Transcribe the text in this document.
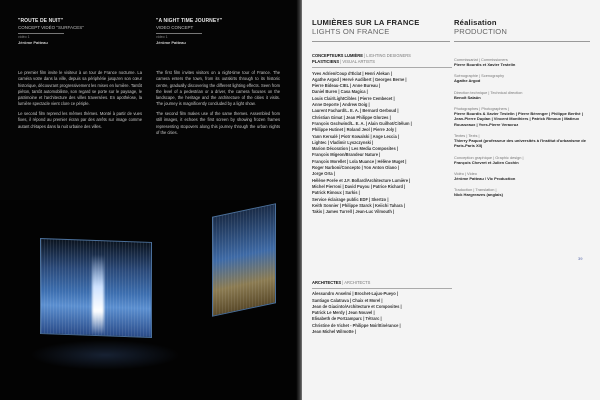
"ROUTE DE NUIT"
CONCEPT VIDÉO "SURFACES"
vidéo 1
Jérôme Patteau
"A NIGHT TIME JOURNEY"
VIDEO CONCEPT
video 1
Jérôme Patteau

Le premier film invite le visiteur à un tour de France nocturne. La caméra votre dans la ville, depuis sa périphérie jusqu'en son cœur historique, découvrant progressivement les mises en lumière. Tantôt piéton, tantôt automobiliste, son regard se porte sur le paysage, le patrimoine et l'architecture des villes traversées. En apothéose, la lumière spectacle vient clore ce périple.

Le second film reprend les mêmes thèmes. Monté à partir de vues fixes, il répond au premier écran par des arrêts sur image comme autant d'étapes dans la nuit urbaine des villes.

The first film invites visitors on a night-time tour of France. The camera enters the town, from its outskirts through to its historic centre, gradually discovering the different lighting effects. Seen from the level of a pedestrian or a driver, the camera focuses on the landscape, the heritage and the architecture of the cities it visits. The journey is magnificently concluded by a light show.

The second film makes use of the same themes. Assembled from still images, it echoes the first screen by showing frozen frames representing stopovers along this journey through the urban nights of the cities.

LUMIÈRES SUR LA FRANCE
LIGHTS ON FRANCE
Réalisation
PRODUCTION
CONCEPTEURS LUMIÈRE | LIGHTING DESIGNERS
PLASTICIENS | VISUAL ARTISTS
Yves Adrien/Coup d'Éclat | Henri Alekan |
Agathe Argod | Hervé Audibert | Georges Berne |
Pierre Bideau-CIEL | Anne Bureau |
Daniel Buren | Casa Magica |
Louis Clair/LightCibles | Pierre Cembecet |
Anne Deporte | Andrew Doig |
Laurent Fachard/L. E. A. | Bernard Gerboud |
Christian Gimat | Jean Philippe Glorzes |
François Gschwind/L. E. A. | Alain Guilhot/Citélum |
Philippe Hutinet | Roland Jeol | Pierre Joly |
Yann Kersalé | Piotr Kowalski | Ange Leccia |
Lightec | Vladimir Lyszczynski |
Marion Décoration | Les Media Composites |
François Migeon/Brandeur Nature |
François Morellet | Lola Muance | Hélène Muget |
Roger Narboni/Concepto | Yon Anton Olano |
Jorge Orta |
Hélène Porée et J.F. Bollard/Architecture Lumière |
Michel Pierroni | David Puyou | Patrice Richard |
Patrick Rimoux | Sarkis |
Service éclairage public EDF | Skertzo |
Keith Sonnier | Philippe Starck | Keiichi Tahara |
Takis | James Turrell | Jean-Luc Vilmouth |
ARCHITECTES | ARCHITECTS
Alessandro Anselmi | Brochet-Lajus-Pueyo |
Santiago Calatrava | Chaix et Morel |
Jean de Giacinto/Architecture et Composites |
Patrick Le Merdy | Jean Nouvel |
Elisabeth de Portzamparc | Tétrarc |
Christine de Vichet - Philippe Noir/Itinérance |
Jean Michel Wilmotte |
Commissariat | Commissioners
Pierre Bourdis et Xavier Testelin
Scénographie | Scenography
Agathe Argod
Direction technique | Technical direction
Benoît Salaün
Photographes | Photographers |
Pierre Bourdis & Xavier Testelin | Pierre Bérenger | Philippe Berthé | Jean-Pierre Duplan | Vincent Monthiers | Patrick Rimoux | Matieux Rousseaux | Yves-Pierre Veracruz
Textes | Texts |
Thierry Paquot (professeur des universités à l'Institut d'urbanisme de Paris-Paris XII)
Conception graphique | Graphic design |
François Chevret et Julien Cochin
Vidéo | Video
Jérôme Patteau / Vic Production
Traduction | Translation |
Nick Hargreaves (anglais)
39
